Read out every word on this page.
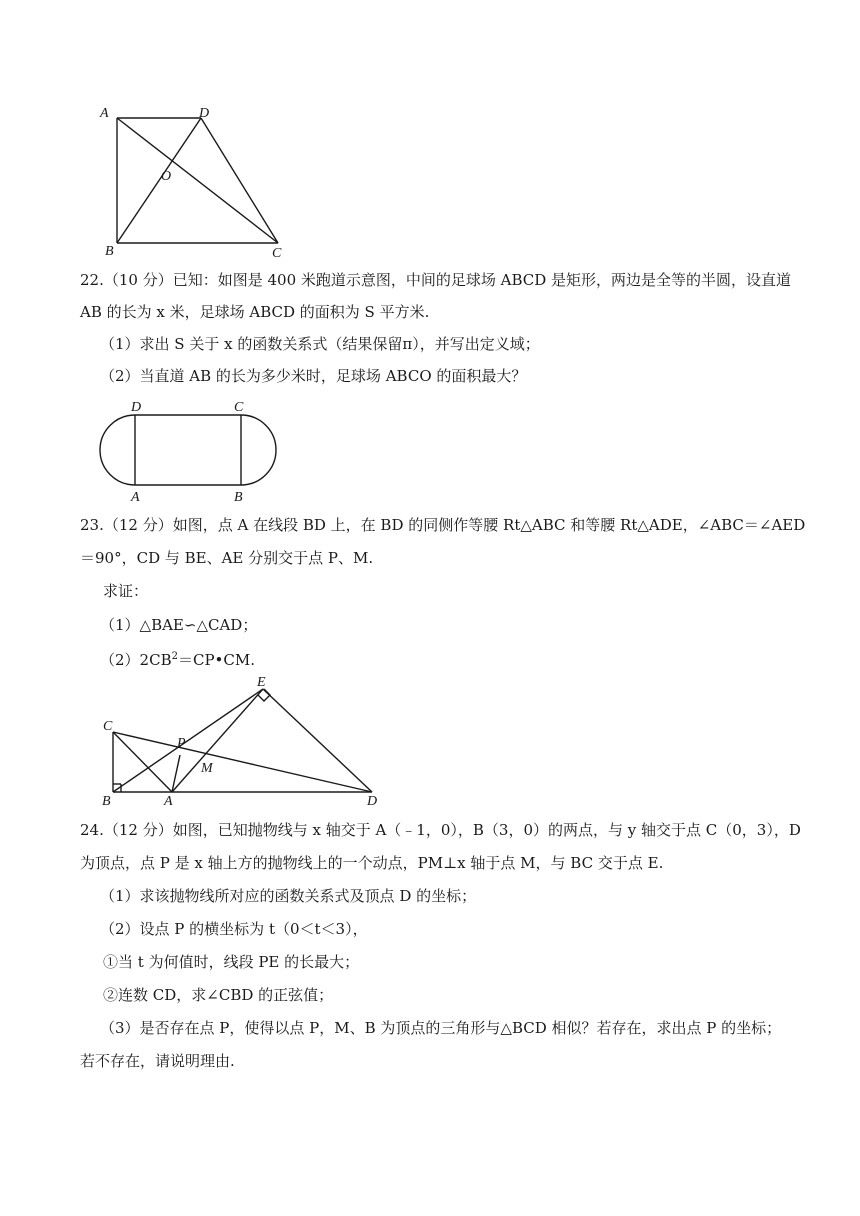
A	D
O
B	C
22.（10 分）已知：如图是 400 米跑道示意图，中间的足球场 ABCD 是矩形，两边是全等的半圆，设直道
AB 的长为 x 米，足球场 ABCD 的面积为 S 平方米.
（1）求出 S 关于 x 的函数关系式（结果保留π），并写出定义域；
（2）当直道 AB 的长为多少米时，足球场 ABCO 的面积最大？
D	C
A	B
23.（12 分）如图，点 A 在线段 BD 上，在 BD 的同侧作等腰 Rt△ABC 和等腰 Rt△ADE，∠ABC＝∠AED
＝90°，CD 与 BE、AE 分别交于点 P、M.
求证：
（1）△BAE∽△CAD；
$(2)2CB^2=CP•CM$.
E
C
P
M
B	A	D
24.（12 分）如图，已知抛物线与 x 轴交于 A（﹣1，0），B（3，0）的两点，与 y 轴交于点 C（0，3），D
为顶点，点 P 是 x 轴上方的抛物线上的一个动点，PM⊥x 轴于点 M，与 BC 交于点 E.
（1）求该抛物线所对应的函数关系式及顶点 D 的坐标；
（2）设点 P 的横坐标为 t（0＜t＜3），
①当 t 为何值时，线段 PE 的长最大；
②连数 CD，求∠CBD 的正弦值；
（3）是否存在点 P，使得以点 P，M、B 为顶点的三角形与△BCD 相似？若存在，求出点 P 的坐标；
若不存在，请说明理由.
